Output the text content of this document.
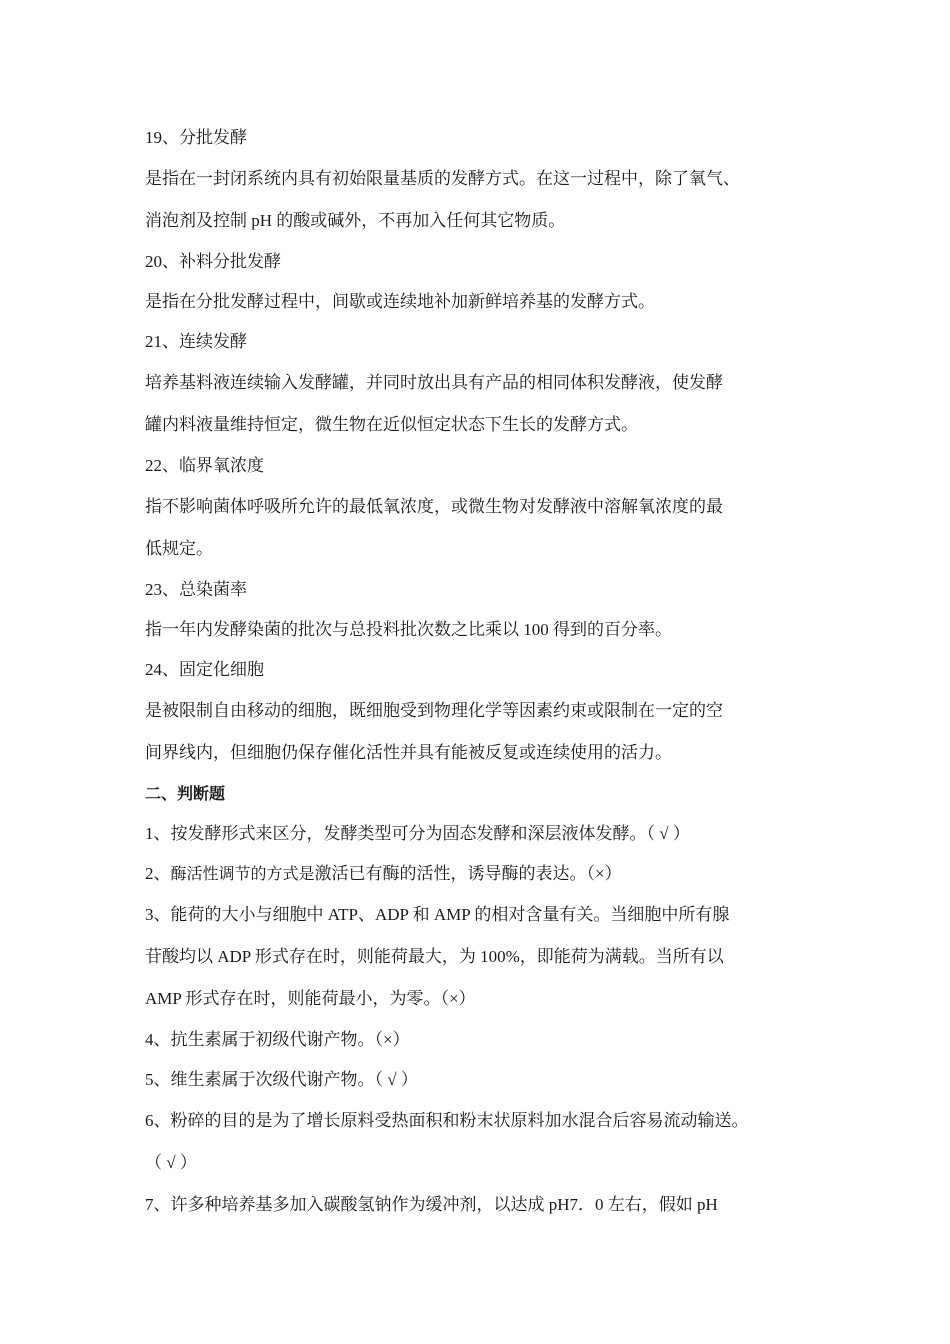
19、分批发酵
是指在一封闭系统内具有初始限量基质的发酵方式。在这一过程中，除了氧气、
消泡剂及控制 pH 的酸或碱外，不再加入任何其它物质。
20、补料分批发酵
是指在分批发酵过程中，间歇或连续地补加新鲜培养基的发酵方式。
21、连续发酵
培养基料液连续输入发酵罐，并同时放出具有产品的相同体积发酵液，使发酵
罐内料液量维持恒定，微生物在近似恒定状态下生长的发酵方式。
22、临界氧浓度
指不影响菌体呼吸所允许的最低氧浓度，或微生物对发酵液中溶解氧浓度的最
低规定。
23、总染菌率
指一年内发酵染菌的批次与总投料批次数之比乘以 100 得到的百分率。
24、固定化细胞
是被限制自由移动的细胞，既细胞受到物理化学等因素约束或限制在一定的空
间界线内，但细胞仍保存催化活性并具有能被反复或连续使用的活力。
二、判断题
1、按发酵形式来区分，发酵类型可分为固态发酵和深层液体发酵。（ √ ）
2、酶活性调节的方式是激活已有酶的活性，诱导酶的表达。（×）
3、能荷的大小与细胞中 ATP、ADP 和 AMP 的相对含量有关。当细胞中所有腺
苷酸均以 ADP 形式存在时，则能荷最大，为 100%，即能荷为满载。当所有以
AMP 形式存在时，则能荷最小，为零。（×）
4、抗生素属于初级代谢产物。（×）
5、维生素属于次级代谢产物。（ √ ）
6、粉碎的目的是为了增长原料受热面积和粉末状原料加水混合后容易流动输送。
（ √ ）
7、许多种培养基多加入碳酸氢钠作为缓冲剂，以达成 pH7．0 左右，假如 pH
